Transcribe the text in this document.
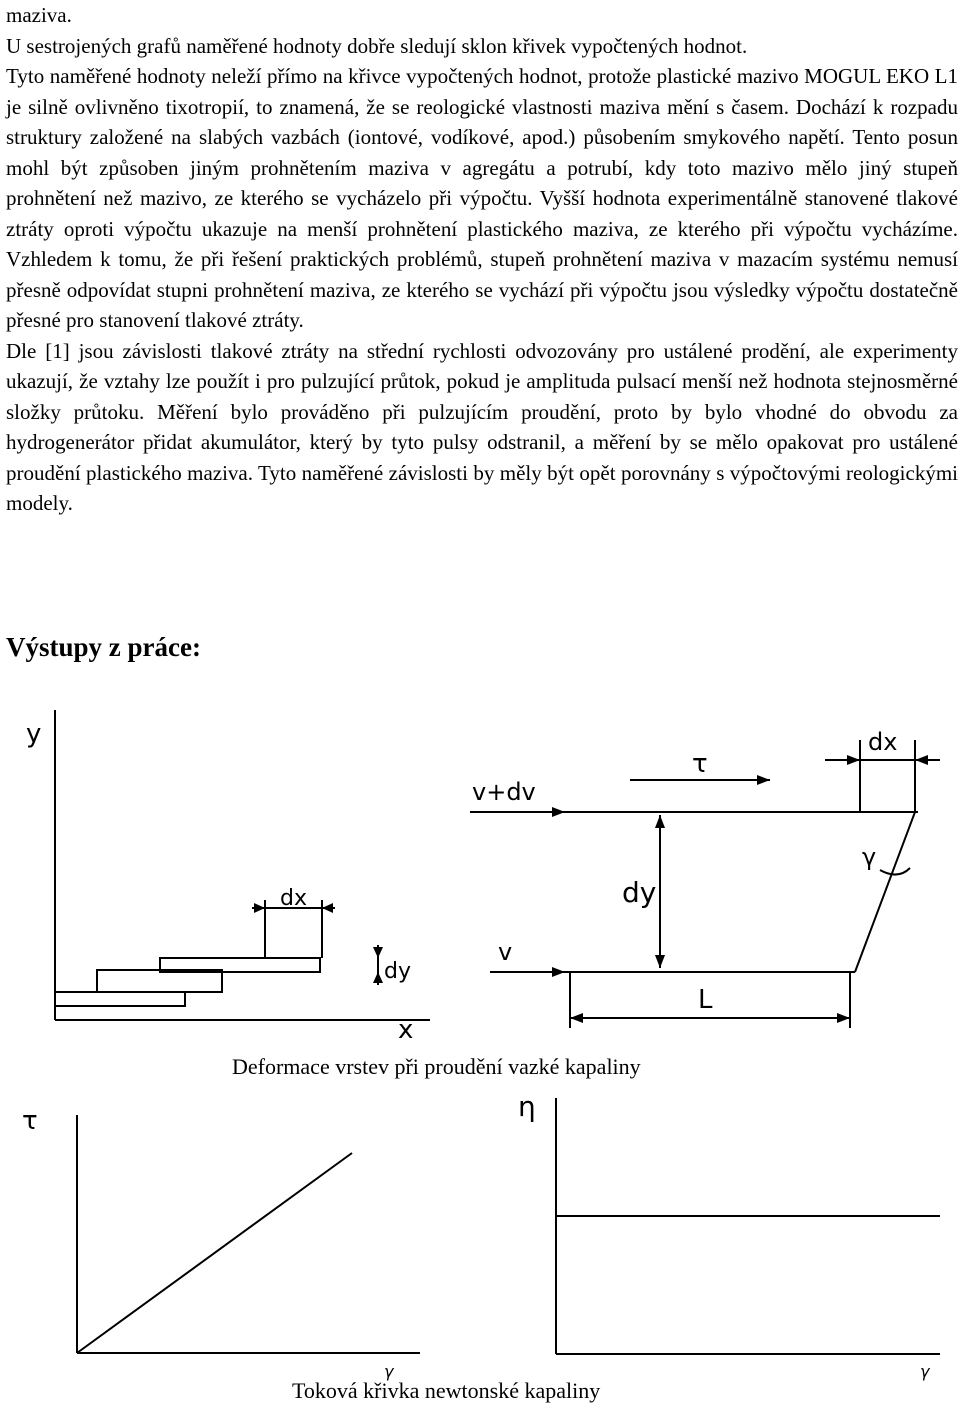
maziva.

U sestrojených grafů naměřené hodnoty dobře sledují sklon křivek vypočtených hodnot.

Tyto naměřené hodnoty neleží přímo na křivce vypočtených hodnot, protože plastické mazivo MOGUL EKO L1 je silně ovlivněno tixotropií, to znamená, že se reologické vlastnosti maziva mění s časem. Dochází k rozpadu struktury založené na slabých vazbách (iontové, vodíkové, apod.) působením smykového napětí. Tento posun mohl být způsoben jiným prohnětením maziva v agregátu a potrubí, kdy toto mazivo mělo jiný stupeň prohnětení než mazivo, ze kterého se vycházelo při výpočtu. Vyšší hodnota experimentálně stanovené tlakové ztráty oproti výpočtu ukazuje na menší prohnětení plastického maziva, ze kterého při výpočtu vycházíme. Vzhledem k tomu, že při řešení praktických problémů, stupeň prohnětení maziva v mazacím systému nemusí přesně odpovídat stupni prohnětení maziva, ze kterého se vychází při výpočtu jsou výsledky výpočtu dostatečně přesné pro stanovení tlakové ztráty.

Dle [1] jsou závislosti tlakové ztráty na střední rychlosti odvozovány pro ustálené prodění, ale experimenty ukazují, že vztahy lze použít i pro pulzující průtok, pokud je amplituda pulsací menší než hodnota stejnosměrné složky průtoku. Měření bylo prováděno při pulzujícím proudění, proto by bylo vhodné do obvodu za hydrogenerátor přidat akumulátor, který by tyto pulsy odstranil, a měření by se mělo opakovat pro ustálené proudění plastického maziva. Tyto naměřené závislosti by měly být opět porovnány s výpočtovými reologickými modely.

Výstupy z práce:
y
x
dx
dy
v+dv
v
τ
dy
dx
γ
L
Deformace vrstev při proudění vazké kapaliny
τ
γ
η
γ
Toková křivka newtonské kapaliny
